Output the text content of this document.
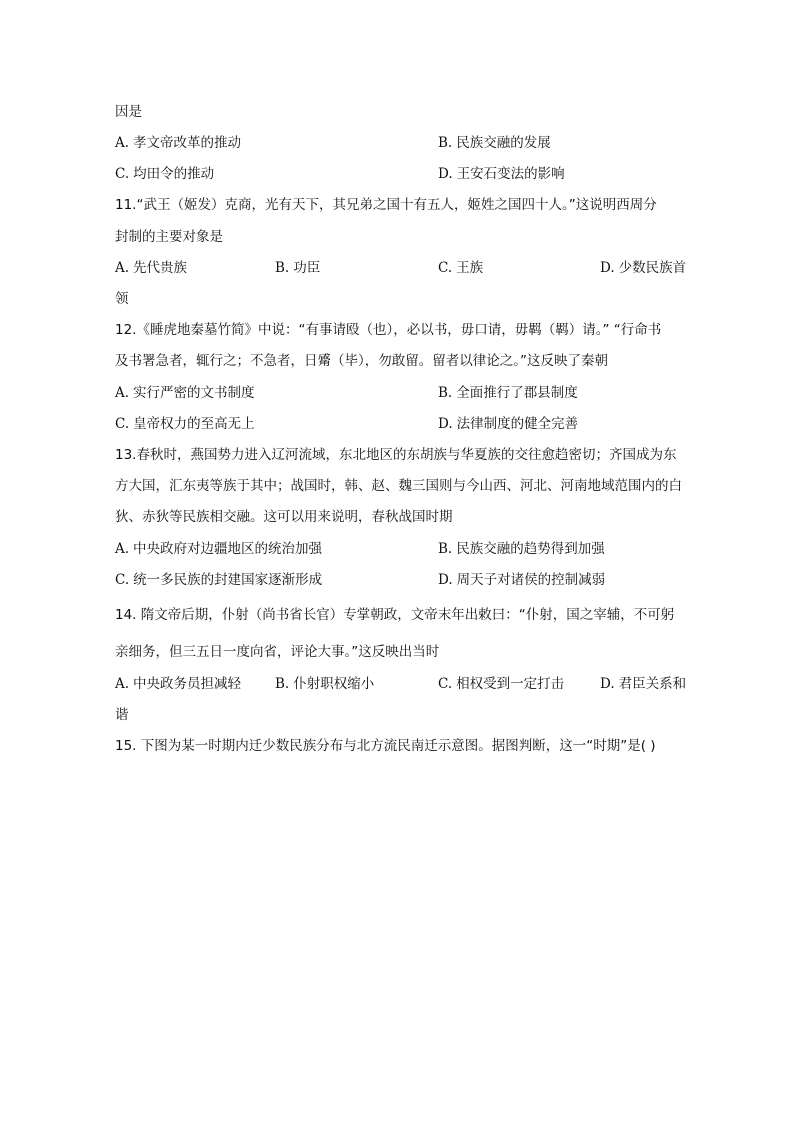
因是
A. 孝文帝改革的推动	B. 民族交融的发展
C. 均田令的推动	D. 王安石变法的影响
11.“武王（姬发）克商，光有天下，其兄弟之国十有五人，姬姓之国四十人。”这说明西周分
封制的主要对象是
A. 先代贵族	B. 功臣	C. 王族	D. 少数民族首
领
12.《睡虎地秦墓竹简》中说：“有事请殴（也），必以书，毋口请，毋羁（羁）请。” “行命书
及书署急者，辄行之；不急者，日觱（毕），勿敢留。留者以律论之。”这反映了秦朝
A. 实行严密的文书制度	B. 全面推行了郡县制度
C. 皇帝权力的至高无上	D. 法律制度的健全完善
13.春秋时，燕国势力进入辽河流域，东北地区的东胡族与华夏族的交往愈趋密切；齐国成为东
方大国，汇东夷等族于其中；战国时，韩、赵、魏三国则与今山西、河北、河南地域范围内的白
狄、赤狄等民族相交融。这可以用来说明，春秋战国时期
A. 中央政府对边疆地区的统治加强	B. 民族交融的趋势得到加强
C. 统一多民族的封建国家逐渐形成	D. 周天子对诸侯的控制减弱
14. 隋文帝后期，仆射（尚书省长官）专掌朝政，文帝末年出敕曰：“仆射，国之宰辅，不可躬
亲细务，但三五日一度向省，评论大事。”这反映出当时
A. 中央政务员担减轻	B. 仆射职权缩小	C. 相权受到一定打击	D. 君臣关系和
谐
15. 下图为某一时期内迁少数民族分布与北方流民南迁示意图。据图判断，这一“时期”是( )
